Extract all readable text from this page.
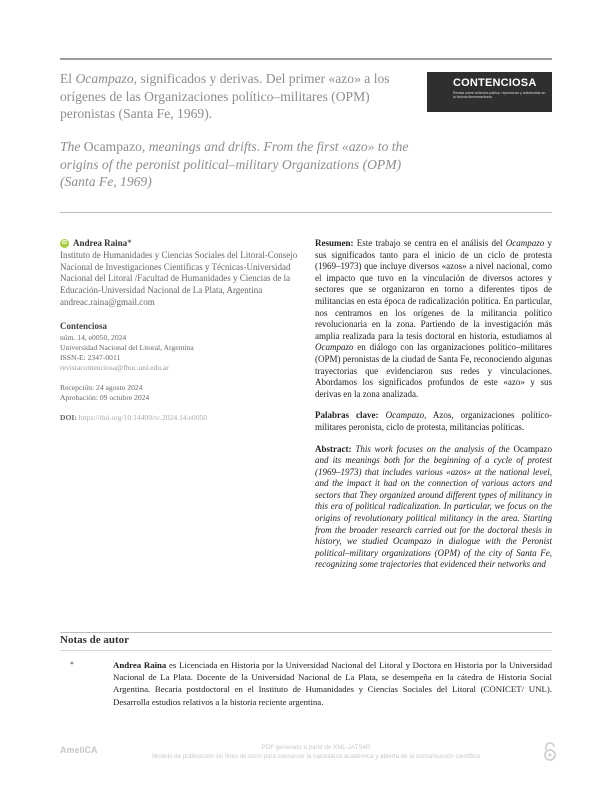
El Ocampazo, significados y derivas. Del primer «azo» a los orígenes de las Organizaciones político–militares (OPM) peronistas (Santa Fe, 1969).
The Ocampazo, meanings and drifts. From the first «azo» to the origins of the peronist political–military Organizations (OPM) (Santa Fe, 1969)
CONTENCIOSA
Revista sobre violencia política, represiones y resistencias en la historia iberoamericana
iD Andrea Raina *
Instituto de Humanidades y Ciencias Sociales del Litoral-Consejo Nacional de Investigaciones Científicas y Técnicas-Universidad Nacional del Litoral /Facultad de Humanidades y Ciencias de la Educación-Universidad Nacional de La Plata, Argentina
andreac.raina@gmail.com
Contenciosa
núm. 14, e0050, 2024
Universidad Nacional del Litoral, Argentina
ISSN-E: 2347-0011
revistacontenciosa@fhuc.unl.edu.ar
Recepción: 24 agosto 2024
Aprobación: 09 octubre 2024
DOI: https://doi.org/10.14409/rc.2024.14.e0050

Resumen: Este trabajo se centra en el análisis del Ocampazo y sus significados tanto para el inicio de un ciclo de protesta (1969–1973) que incluye diversos «azos» a nivel nacional, como el impacto que tuvo en la vinculación de diversos actores y sectores que se organizaron en torno a diferentes tipos de militancias en esta época de radicalización política. En particular, nos centramos en los orígenes de la militancia político revolucionaria en la zona. Partiendo de la investigación más amplia realizada para la tesis doctoral en historia, estudiamos al Ocampazo en diálogo con las organizaciones político–militares (OPM) peronistas de la ciudad de Santa Fe, reconociendo algunas trayectorias que evidenciaron sus redes y vinculaciones. Abordamos los significados profundos de este «azo» y sus derivas en la zona analizada.

Palabras clave: Ocampazo, Azos, organizaciones político-militares peronista, ciclo de protesta, militancias políticas.

Abstract: This work focuses on the analysis of the Ocampazo and its meanings both for the beginning of a cycle of protest (1969–1973) that includes various «azos» at the national level, and the impact it had on the connection of various actors and sectors that They organized around different types of militancy in this era of political radicalization. In particular, we focus on the origins of revolutionary political militancy in the area. Starting from the broader research carried out for the doctoral thesis in history, we studied Ocampazo in dialogue with the Peronist political–military organizations (OPM) of the city of Santa Fe, recognizing some trajectories that evidenced their networks and

Notas de autor
*	Andrea Raina es Licenciada en Historia por la Universidad Nacional del Litoral y Doctora en Historia por la Universidad Nacional de La Plata. Docente de la Universidad Nacional de La Plata, se desempeña en la cátedra de Historia Social Argentina. Becaria postdoctoral en el Instituto de Humanidades y Ciencias Sociales del Litoral (CONICET/ UNL). Desarrolla estudios relativos a la historia reciente argentina.
AmeliCA	PDF generado a partir de XML-JATS4R
Modelo de publicación sin fines de lucro para conservar la naturaleza académica y abierta de la comunicación científica
